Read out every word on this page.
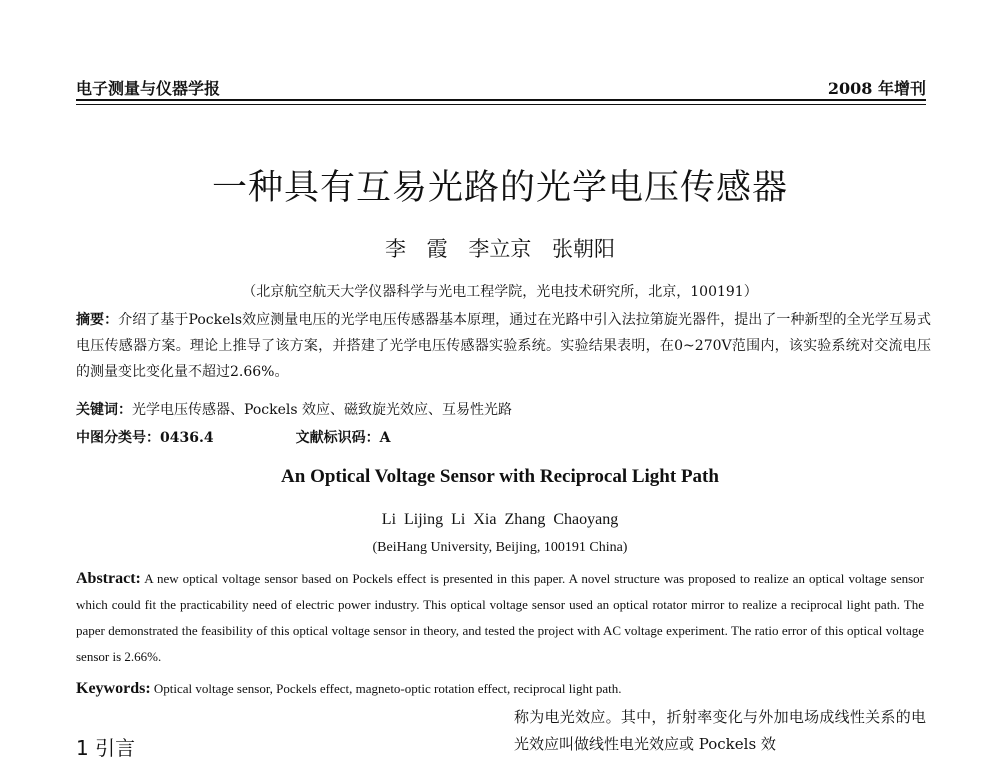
电子测量与仪器学报	2008 年增刊
一种具有互易光路的光学电压传感器
李 霞 李立京 张朝阳
（北京航空航天大学仪器科学与光电工程学院，光电技术研究所，北京，100191）
摘要：介绍了基于Pockels效应测量电压的光学电压传感器基本原理，通过在光路中引入法拉第旋光器件，提出了一种新型的全光学互易式电压传感器方案。理论上推导了该方案，并搭建了光学电压传感器实验系统。实验结果表明，在0~270V范围内，该实验系统对交流电压的测量变比变化量不超过2.66%。
关键词：光学电压传感器、Pockels 效应、磁致旋光效应、互易性光路
中图分类号：0436.4	文献标识码：A
An Optical Voltage Sensor with Reciprocal Light Path
Li Lijing Li Xia Zhang Chaoyang
(BeiHang University, Beijing, 100191 China)
Abstract: A new optical voltage sensor based on Pockels effect is presented in this paper. A novel structure was proposed to realize an optical voltage sensor which could fit the practicability need of electric power industry. This optical voltage sensor used an optical rotator mirror to realize a reciprocal light path. The paper demonstrated the feasibility of this optical voltage sensor in theory, and tested the project with AC voltage experiment. The ratio error of this optical voltage sensor is 2.66%.
Keywords: Optical voltage sensor, Pockels effect, magneto-optic rotation effect, reciprocal light path.
1 引言
称为电光效应。其中，折射率变化与外加电场成线性关系的电光效应叫做线性电光效应或 Pockels 效
